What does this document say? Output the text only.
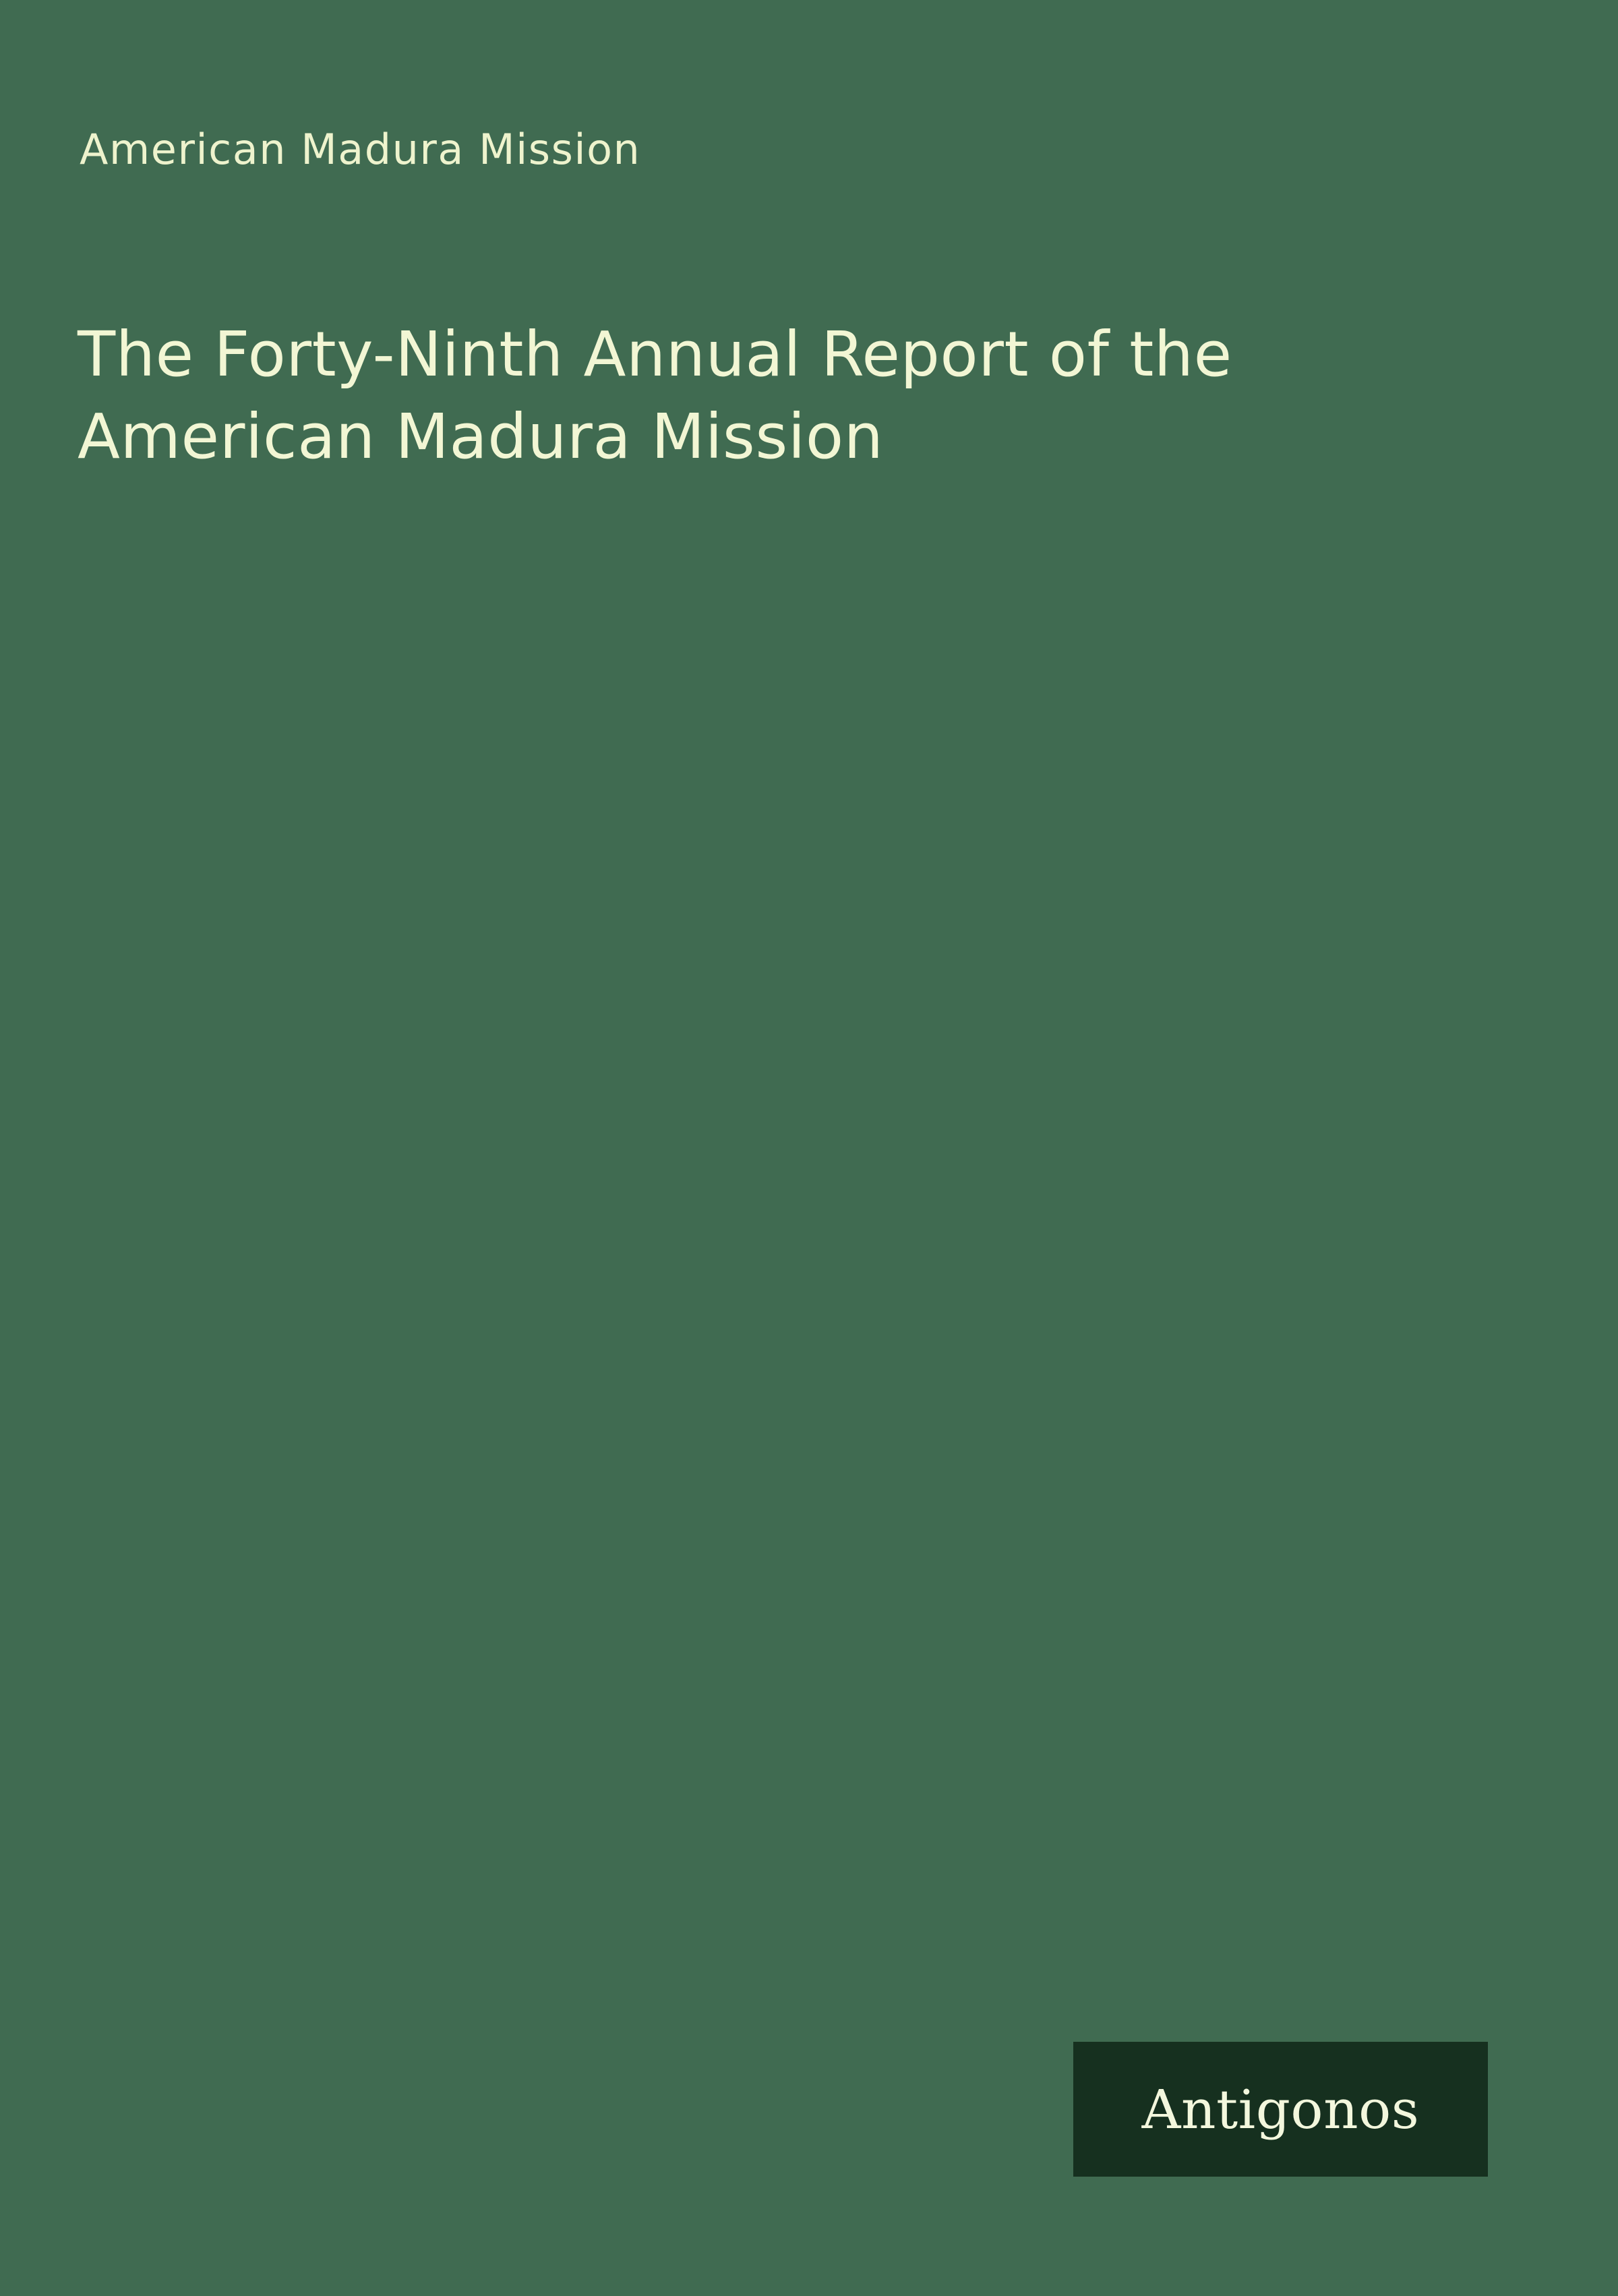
American Madura Mission
The Forty-Ninth Annual Report of the American Madura Mission
Antigonos
